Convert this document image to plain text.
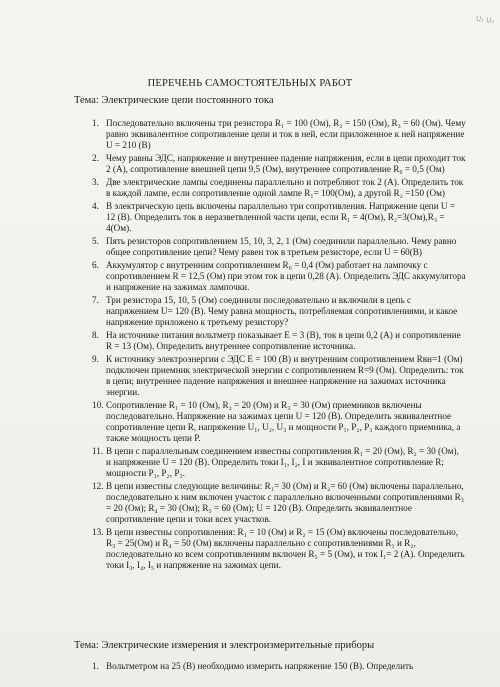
U₂ U₃
ПЕРЕЧЕНЬ САМОСТОЯТЕЛЬНЫХ РАБОТ
Тема: Электрические цепи постоянного тока
1. Последовательно включены три резистора R₁ = 100 (Ом), R₂ = 150 (Ом), R₃ = 60 (Ом). Чему равно эквивалентное сопротивление цепи и ток в ней, если приложенное к ней напряжение U = 210 (В)
2. Чему равны ЭДС, напряжение и внутреннее падение напряжения, если в цепи проходит ток 2 (А), сопротивление внешней цепи 9,5 (Ом), внутреннее сопротивление R₀ = 0,5 (Ом)
3. Две электрические лампы соединены параллельно и потребляют ток 2 (А). Определить ток в каждой лампе, если сопротивление одной лампе R₁= 100(Ом), а другой R₂ =150 (Ом)
4. В электрическую цепь включены параллельно три сопротивления. Напряжение цепи U = 12 (В). Определить ток в неразветвленной части цепи, если R₁ = 4(Ом), R₂=3(Ом),R₃ = 4(Ом).
5. Пять резисторов сопротивлением 15, 10, 3, 2, 1 (Ом) соединили параллельно. Чему равно общее сопротивление цепи? Чему равен ток в третьем резисторе, если U = 60(В)
6. Аккумулятор с внутренним сопротивлением R₀ = 0,4 (Ом) работает на лампочку с сопротивлением R = 12,5 (Ом) при этом ток в цепи 0,28 (А). Определить ЭДС аккумулятора и напряжение на зажимах лампочки.
7. Три резистора 15, 10, 5 (Ом) соединили последовательно и включили в цепь с напряжением U= 120 (В). Чему равна мощность, потребляемая сопротивлениями, и какое напряжение приложено к третьему резистору?
8. На источнике питания вольтметр показывает E = 3 (В), ток в цепи 0,2 (А) и сопротивление R = 13 (Ом). Определить внутреннее сопротивление источника.
9. К источнику электроэнергии с ЭДС E = 100 (В) и внутренним сопротивлением Rвн=1 (Ом) подключен приемник электрической энергии с сопротивлением R=9 (Ом). Определить: ток в цепи; внутреннее падение напряжения и внешнее напряжение на зажимах источника энергии.
10. Сопротивление R₁ = 10 (Ом), R₂ = 20 (Ом) и R₃ = 30 (Ом) приемников включены последовательно. Напряжение на зажимах цепи U = 120 (В). Определить эквивалентное сопротивление цепи R, напряжение U₁, U₂, U₃ и мощности P₁, P₂, P₃ каждого приемника, а также мощность цепи P.
11. В цепи с параллельным соединением известны сопротивления R₁ = 20 (Ом), R₂ = 30 (Ом), и напряжение U = 120 (В). Определить токи I₁, I₂, I и эквивалентное сопротивление R; мощности P₁, P₂, P₃.
12. В цепи известны следующие величины: R₁= 30 (Ом) и R₂= 60 (Ом) включены параллельно, последовательно к ним включен участок с параллельно включенными сопротивлениями R₃ = 20 (Ом); R₄ = 30 (Ом); R₅ = 60 (Ом); U = 120 (В). Определить эквивалентное сопротивление цепи и токи всех участков.
13. В цепи известны сопротивления: R₁ = 10 (Ом) и R₂ = 15 (Ом) включены последовательно, R₃ = 25(Ом) и R₄ = 50 (Ом) включены параллельно с сопротивлениями R₁ и R₂, последовательно ко всем сопротивлениям включен R₅ = 5 (Ом), и ток I₁= 2 (А). Определить токи I₃, I₄, I₅ и напряжение на зажимах цепи.
Тема: Электрические измерения и электроизмерительные приборы
1. Вольтметром на 25 (В) необходимо измерить напряжение 150 (В). Определить
